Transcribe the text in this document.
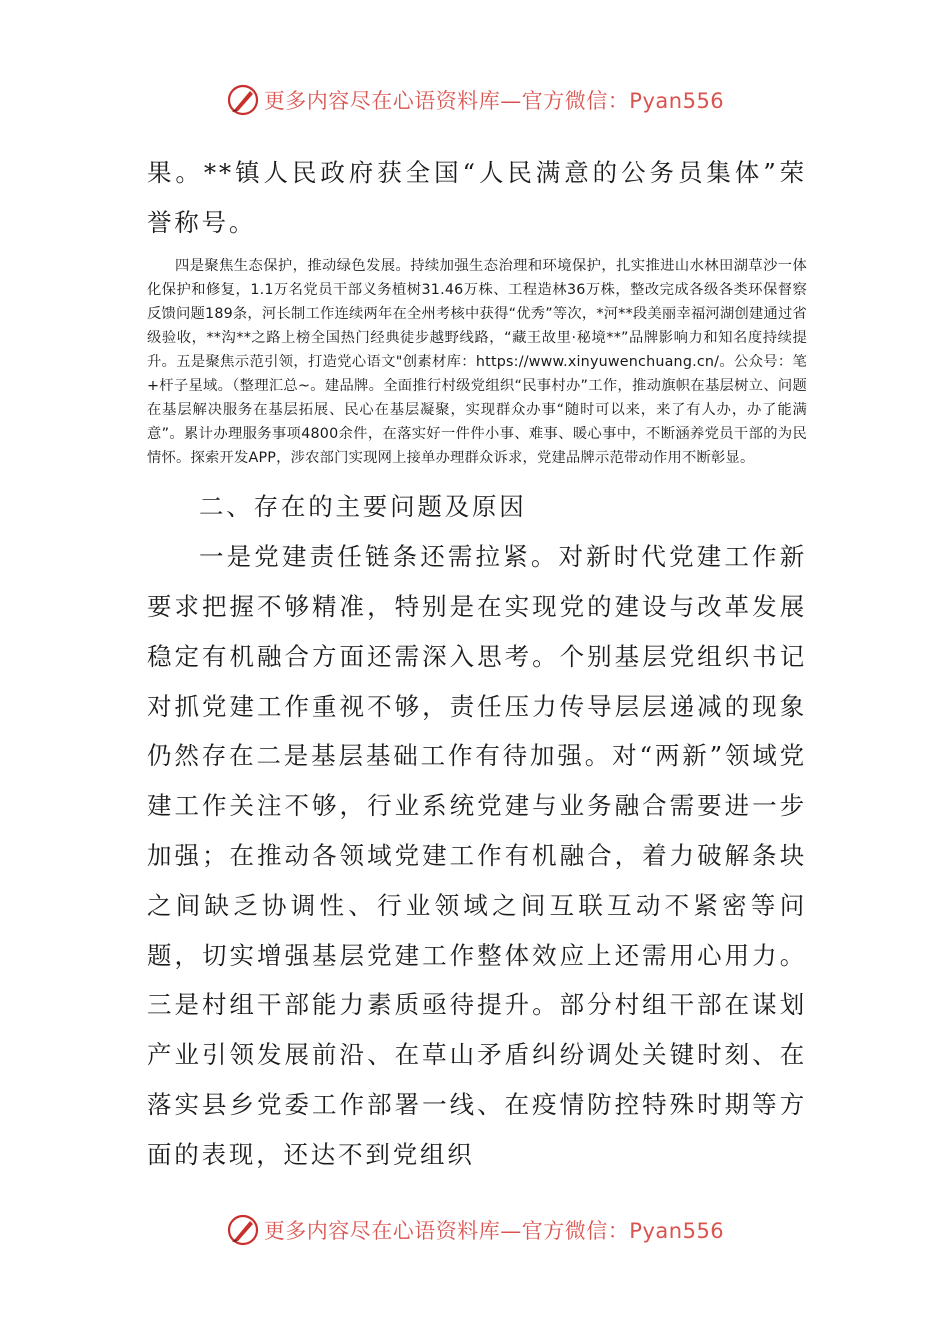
更多内容尽在心语资料库—官方微信：Pyan556

果。**镇人民政府获全国“人民满意的公务员集体”荣誉称号。

四是聚焦生态保护，推动绿色发展。持续加强生态治理和环境保护，扎实推进山水林田湖草沙一体化保护和修复，1.1万名党员干部义务植树31.46万株、工程造林36万株，整改完成各级各类环保督察反馈问题189条，河长制工作连续两年在全州考核中获得“优秀”等次，*河**段美丽幸福河湖创建通过省级验收，**沟**之路上榜全国热门经典徒步越野线路，“藏王故里·秘境**”品牌影响力和知名度持续提升。五是聚焦示范引领，打造党心语文"创素材库：https://www.xinyuwenchuang.cn/。公众号：笔+杆子星域。（整理汇总~。建品牌。全面推行村级党组织“民事村办”工作，推动旗帜在基层树立、问题在基层解决服务在基层拓展、民心在基层凝聚，实现群众办事“随时可以来，来了有人办，办了能满意”。累计办理服务事项4800余件，在落实好一件件小事、难事、暖心事中，不断涵养党员干部的为民情怀。探索开发APP，涉农部门实现网上接单办理群众诉求，党建品牌示范带动作用不断彰显。

二、存在的主要问题及原因

一是党建责任链条还需拉紧。对新时代党建工作新要求把握不够精准，特别是在实现党的建设与改革发展稳定有机融合方面还需深入思考。个别基层党组织书记对抓党建工作重视不够，责任压力传导层层递减的现象仍然存在二是基层基础工作有待加强。对“两新”领域党建工作关注不够，行业系统党建与业务融合需要进一步加强；在推动各领域党建工作有机融合，着力破解条块之间缺乏协调性、行业领域之间互联互动不紧密等问题，切实增强基层党建工作整体效应上还需用心用力。三是村组干部能力素质亟待提升。部分村组干部在谋划产业引领发展前沿、在草山矛盾纠纷调处关键时刻、在落实县乡党委工作部署一线、在疫情防控特殊时期等方面的表现，还达不到党组织

更多内容尽在心语资料库—官方微信：Pyan556
